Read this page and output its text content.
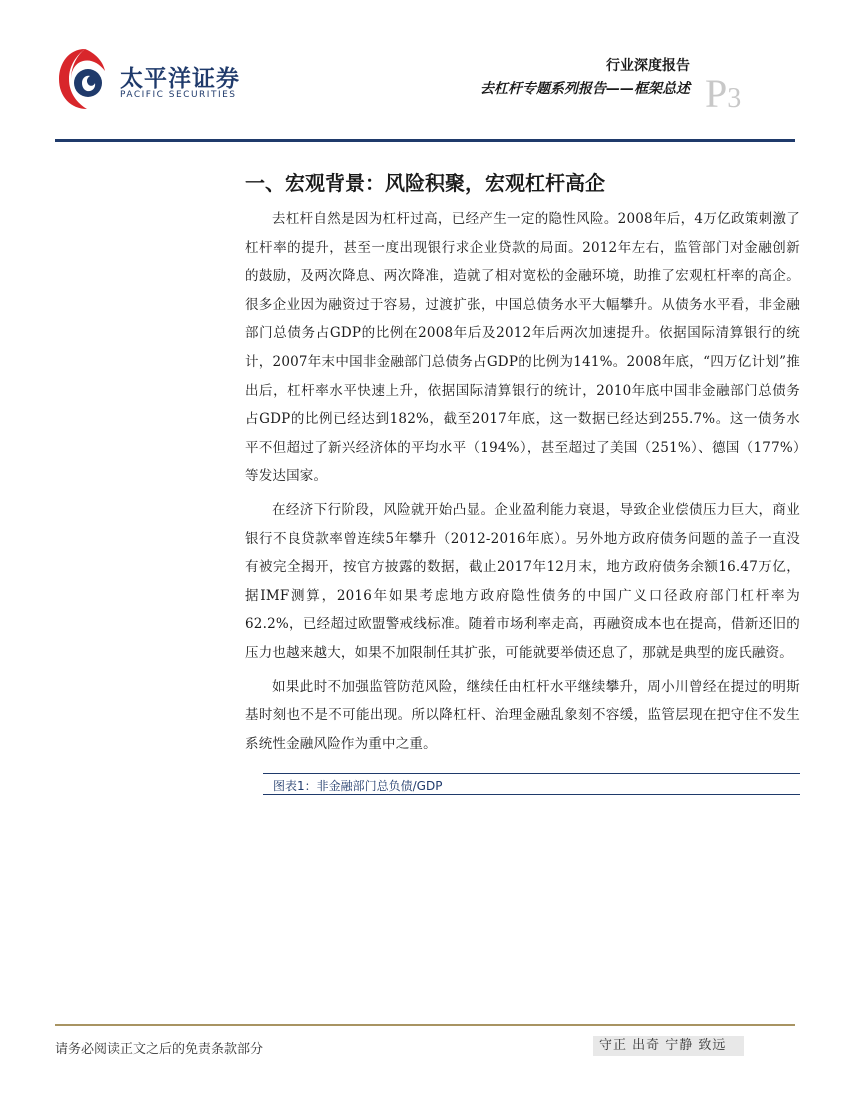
太平洋证券
PACIFIC SECURITIES
行业深度报告
去杠杆专题系列报告——框架总述 P3
一、宏观背景：风险积聚，宏观杠杆高企

去杠杆自然是因为杠杆过高，已经产生一定的隐性风险。2008年后，4万亿政策刺激了杠杆率的提升，甚至一度出现银行求企业贷款的局面。2012年左右，监管部门对金融创新的鼓励，及两次降息、两次降准，造就了相对宽松的金融环境，助推了宏观杠杆率的高企。很多企业因为融资过于容易，过渡扩张，中国总债务水平大幅攀升。从债务水平看，非金融部门总债务占GDP的比例在2008年后及2012年后两次加速提升。依据国际清算银行的统计，2007年末中国非金融部门总债务占GDP的比例为141%。2008年底，“四万亿计划”推出后，杠杆率水平快速上升，依据国际清算银行的统计，2010年底中国非金融部门总债务占GDP的比例已经达到182%，截至2017年底，这一数据已经达到255.7%。这一债务水平不但超过了新兴经济体的平均水平（194%），甚至超过了美国（251%）、德国（177%）等发达国家。

在经济下行阶段，风险就开始凸显。企业盈利能力衰退，导致企业偿债压力巨大，商业银行不良贷款率曾连续5年攀升（2012-2016年底）。另外地方政府债务问题的盖子一直没有被完全揭开，按官方披露的数据，截止2017年12月末，地方政府债务余额16.47万亿，据IMF测算，2016年如果考虑地方政府隐性债务的中国广义口径政府部门杠杆率为62.2%，已经超过欧盟警戒线标准。随着市场利率走高，再融资成本也在提高，借新还旧的压力也越来越大，如果不加限制任其扩张，可能就要举债还息了，那就是典型的庞氏融资。

如果此时不加强监管防范风险，继续任由杠杆水平继续攀升，周小川曾经在提过的明斯基时刻也不是不可能出现。所以降杠杆、治理金融乱象刻不容缓，监管层现在把守住不发生系统性金融风险作为重中之重。

图表1：非金融部门总负债/GDP
请务必阅读正文之后的免责条款部分	守正 出奇 宁静 致远
